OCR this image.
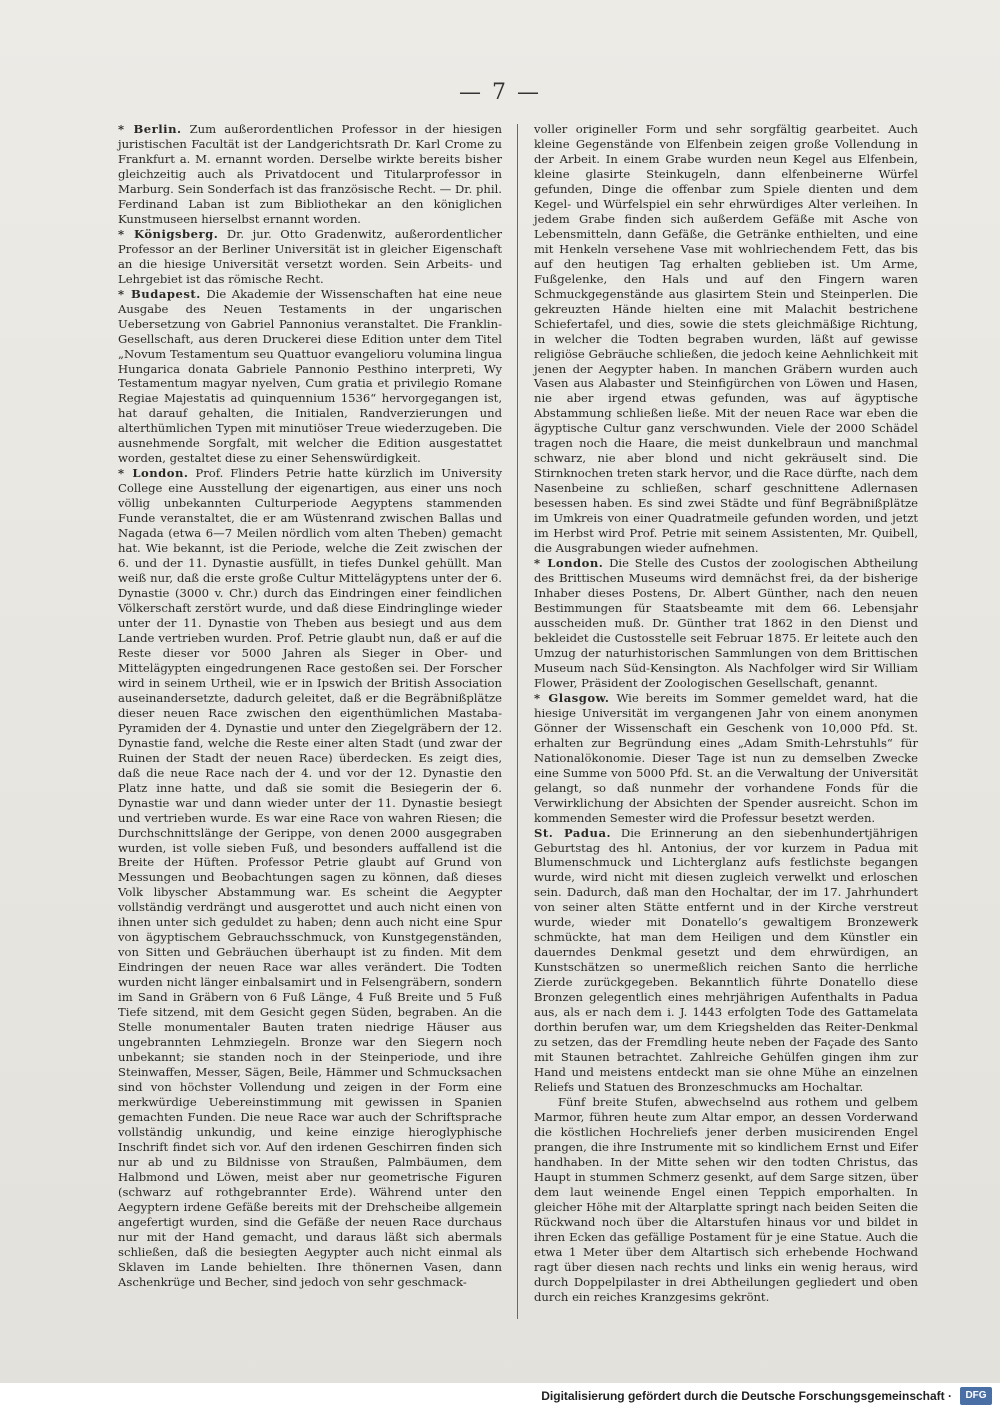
— 7 —

* Berlin. Zum außerordentlichen Professor in der hiesigen juristischen Facultät ist der Landgerichtsrath Dr. Karl Crome zu Frankfurt a. M. ernannt worden. Derselbe wirkte bereits bisher gleichzeitig auch als Privatdocent und Titularprofessor in Marburg. Sein Sonderfach ist das französische Recht. — Dr. phil. Ferdinand Laban ist zum Bibliothekar an den königlichen Kunstmuseen hierselbst ernannt worden.

* Königsberg. Dr. jur. Otto Gradenwitz, außerordentlicher Professor an der Berliner Universität ist in gleicher Eigenschaft an die hiesige Universität versetzt worden. Sein Arbeits- und Lehrgebiet ist das römische Recht.

* Budapest. Die Akademie der Wissenschaften hat eine neue Ausgabe des Neuen Testaments in der ungarischen Uebersetzung von Gabriel Pannonius veranstaltet. Die Franklin-Gesellschaft, aus deren Druckerei diese Edition unter dem Titel „Novum Testamentum seu Quattuor evangelioru volumina lingua Hungarica donata Gabriele Pannonio Pesthino interpreti, Wy Testamentum magyar nyelven, Cum gratia et privilegio Romane Regiae Majestatis ad quinquennium 1536“ hervorgegangen ist, hat darauf gehalten, die Initialen, Randverzierungen und alterthümlichen Typen mit minutiöser Treue wiederzugeben. Die ausnehmende Sorgfalt, mit welcher die Edition ausgestattet worden, gestaltet diese zu einer Sehenswürdigkeit.

* London. Prof. Flinders Petrie hatte kürzlich im University College eine Ausstellung der eigenartigen, aus einer uns noch völlig unbekannten Culturperiode Aegyptens stammenden Funde veranstaltet, die er am Wüstenrand zwischen Ballas und Nagada (etwa 6—7 Meilen nördlich vom alten Theben) gemacht hat. Wie bekannt, ist die Periode, welche die Zeit zwischen der 6. und der 11. Dynastie ausfüllt, in tiefes Dunkel gehüllt. Man weiß nur, daß die erste große Cultur Mittelägyptens unter der 6. Dynastie (3000 v. Chr.) durch das Eindringen einer feindlichen Völkerschaft zerstört wurde, und daß diese Eindringlinge wieder unter der 11. Dynastie von Theben aus besiegt und aus dem Lande vertrieben wurden. Prof. Petrie glaubt nun, daß er auf die Reste dieser vor 5000 Jahren als Sieger in Ober- und Mittelägypten eingedrungenen Race gestoßen sei. Der Forscher wird in seinem Urtheil, wie er in Ipswich der British Association auseinandersetzte, dadurch geleitet, daß er die Begräbnißplätze dieser neuen Race zwischen den eigenthümlichen Mastaba-Pyramiden der 4. Dynastie und unter den Ziegelgräbern der 12. Dynastie fand, welche die Reste einer alten Stadt (und zwar der Ruinen der Stadt der neuen Race) überdecken. Es zeigt dies, daß die neue Race nach der 4. und vor der 12. Dynastie den Platz inne hatte, und daß sie somit die Besiegerin der 6. Dynastie war und dann wieder unter der 11. Dynastie besiegt und vertrieben wurde. Es war eine Race von wahren Riesen; die Durchschnittslänge der Gerippe, von denen 2000 ausgegraben wurden, ist volle sieben Fuß, und besonders auffallend ist die Breite der Hüften. Professor Petrie glaubt auf Grund von Messungen und Beobachtungen sagen zu können, daß dieses Volk libyscher Abstammung war. Es scheint die Aegypter vollständig verdrängt und ausgerottet und auch nicht einen von ihnen unter sich geduldet zu haben; denn auch nicht eine Spur von ägyptischem Gebrauchsschmuck, von Kunstgegenständen, von Sitten und Gebräuchen überhaupt ist zu finden. Mit dem Eindringen der neuen Race war alles verändert. Die Todten wurden nicht länger einbalsamirt und in Felsengräbern, sondern im Sand in Gräbern von 6 Fuß Länge, 4 Fuß Breite und 5 Fuß Tiefe sitzend, mit dem Gesicht gegen Süden, begraben. An die Stelle monumentaler Bauten traten niedrige Häuser aus ungebrannten Lehmziegeln. Bronze war den Siegern noch unbekannt; sie standen noch in der Steinperiode, und ihre Steinwaffen, Messer, Sägen, Beile, Hämmer und Schmucksachen sind von höchster Vollendung und zeigen in der Form eine merkwürdige Uebereinstimmung mit gewissen in Spanien gemachten Funden. Die neue Race war auch der Schriftsprache vollständig unkundig, und keine einzige hieroglyphische Inschrift findet sich vor. Auf den irdenen Geschirren finden sich nur ab und zu Bildnisse von Straußen, Palmbäumen, dem Halbmond und Löwen, meist aber nur geometrische Figuren (schwarz auf rothgebrannter Erde). Während unter den Aegyptern irdene Gefäße bereits mit der Drehscheibe allgemein angefertigt wurden, sind die Gefäße der neuen Race durchaus nur mit der Hand gemacht, und daraus läßt sich abermals schließen, daß die besiegten Aegypter auch nicht einmal als Sklaven im Lande behielten. Ihre thönernen Vasen, dann Aschenkrüge und Becher, sind jedoch von sehr geschmack-

voller origineller Form und sehr sorgfältig gearbeitet. Auch kleine Gegenstände von Elfenbein zeigen große Vollendung in der Arbeit. In einem Grabe wurden neun Kegel aus Elfenbein, kleine glasirte Steinkugeln, dann elfenbeinerne Würfel gefunden, Dinge die offenbar zum Spiele dienten und dem Kegel- und Würfelspiel ein sehr ehrwürdiges Alter verleihen. In jedem Grabe finden sich außerdem Gefäße mit Asche von Lebensmitteln, dann Gefäße, die Getränke enthielten, und eine mit Henkeln versehene Vase mit wohlriechendem Fett, das bis auf den heutigen Tag erhalten geblieben ist. Um Arme, Fußgelenke, den Hals und auf den Fingern waren Schmuckgegenstände aus glasirtem Stein und Steinperlen. Die gekreuzten Hände hielten eine mit Malachit bestrichene Schiefertafel, und dies, sowie die stets gleichmäßige Richtung, in welcher die Todten begraben wurden, läßt auf gewisse religiöse Gebräuche schließen, die jedoch keine Aehnlichkeit mit jenen der Aegypter haben. In manchen Gräbern wurden auch Vasen aus Alabaster und Steinfigürchen von Löwen und Hasen, nie aber irgend etwas gefunden, was auf ägyptische Abstammung schließen ließe. Mit der neuen Race war eben die ägyptische Cultur ganz verschwunden. Viele der 2000 Schädel tragen noch die Haare, die meist dunkelbraun und manchmal schwarz, nie aber blond und nicht gekräuselt sind. Die Stirnknochen treten stark hervor, und die Race dürfte, nach dem Nasenbeine zu schließen, scharf geschnittene Adlernasen besessen haben. Es sind zwei Städte und fünf Begräbnißplätze im Umkreis von einer Quadratmeile gefunden worden, und jetzt im Herbst wird Prof. Petrie mit seinem Assistenten, Mr. Quibell, die Ausgrabungen wieder aufnehmen.

* London. Die Stelle des Custos der zoologischen Abtheilung des Brittischen Museums wird demnächst frei, da der bisherige Inhaber dieses Postens, Dr. Albert Günther, nach den neuen Bestimmungen für Staatsbeamte mit dem 66. Lebensjahr ausscheiden muß. Dr. Günther trat 1862 in den Dienst und bekleidet die Custosstelle seit Februar 1875. Er leitete auch den Umzug der naturhistorischen Sammlungen von dem Brittischen Museum nach Süd-Kensington. Als Nachfolger wird Sir William Flower, Präsident der Zoologischen Gesellschaft, genannt.

* Glasgow. Wie bereits im Sommer gemeldet ward, hat die hiesige Universität im vergangenen Jahr von einem anonymen Gönner der Wissenschaft ein Geschenk von 10,000 Pfd. St. erhalten zur Begründung eines „Adam Smith-Lehrstuhls“ für Nationalökonomie. Dieser Tage ist nun zu demselben Zwecke eine Summe von 5000 Pfd. St. an die Verwaltung der Universität gelangt, so daß nunmehr der vorhandene Fonds für die Verwirklichung der Absichten der Spender ausreicht. Schon im kommenden Semester wird die Professur besetzt werden.

St. Padua. Die Erinnerung an den siebenhundertjährigen Geburtstag des hl. Antonius, der vor kurzem in Padua mit Blumenschmuck und Lichterglanz aufs festlichste begangen wurde, wird nicht mit diesen zugleich verwelkt und erloschen sein. Dadurch, daß man den Hochaltar, der im 17. Jahrhundert von seiner alten Stätte entfernt und in der Kirche verstreut wurde, wieder mit Donatello’s gewaltigem Bronzewerk schmückte, hat man dem Heiligen und dem Künstler ein dauerndes Denkmal gesetzt und dem ehrwürdigen, an Kunstschätzen so unermeßlich reichen Santo die herrliche Zierde zurückgegeben. Bekanntlich führte Donatello diese Bronzen gelegentlich eines mehrjährigen Aufenthalts in Padua aus, als er nach dem i. J. 1443 erfolgten Tode des Gattamelata dorthin berufen war, um dem Kriegshelden das Reiter-Denkmal zu setzen, das der Fremdling heute neben der Façade des Santo mit Staunen betrachtet. Zahlreiche Gehülfen gingen ihm zur Hand und meistens entdeckt man sie ohne Mühe an einzelnen Reliefs und Statuen des Bronzeschmucks am Hochaltar.

Fünf breite Stufen, abwechselnd aus rothem und gelbem Marmor, führen heute zum Altar empor, an dessen Vorderwand die köstlichen Hochreliefs jener derben musicirenden Engel prangen, die ihre Instrumente mit so kindlichem Ernst und Eifer handhaben. In der Mitte sehen wir den todten Christus, das Haupt in stummen Schmerz gesenkt, auf dem Sarge sitzen, über dem laut weinende Engel einen Teppich emporhalten. In gleicher Höhe mit der Altarplatte springt nach beiden Seiten die Rückwand noch über die Altarstufen hinaus vor und bildet in ihren Ecken das gefällige Postament für je eine Statue. Auch die etwa 1 Meter über dem Altartisch sich erhebende Hochwand ragt über diesen nach rechts und links ein wenig heraus, wird durch Doppelpilaster in drei Abtheilungen gegliedert und oben durch ein reiches Kranzgesims gekrönt.

Digitalisierung gefördert durch die Deutsche Forschungsgemeinschaft ·	DFG
